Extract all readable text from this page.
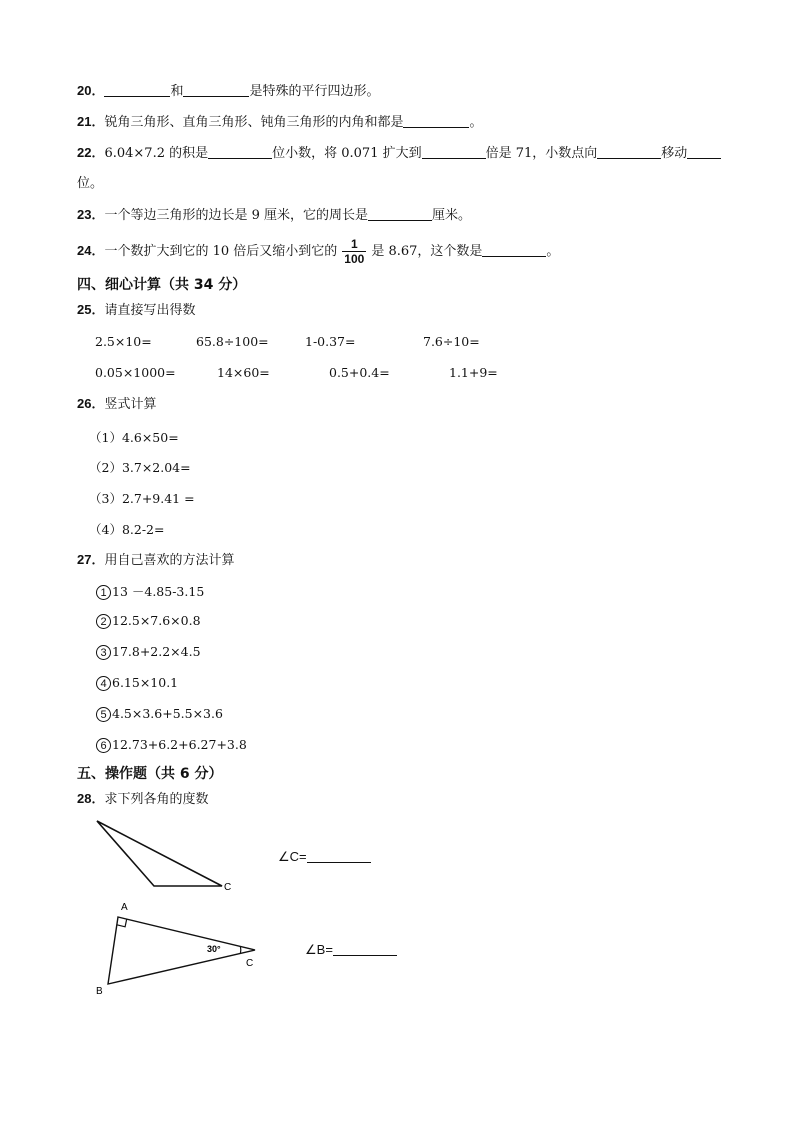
20．	和	是特殊的平行四边形。
21．锐角三角形、直角三角形、钝角三角形的内角和都是	。
22．6.04×7.2 的积是	位小数，将 0.071 扩大到	倍是 71，小数点向	移动
位。
23．一个等边三角形的边长是 9 厘米，它的周长是	厘米。
24．一个数扩大到它的 10 倍后又缩小到它的 $\frac{1}{100}$ 是 8.67，这个数是	。
四、细心计算（共 34 分）
25．请直接写出得数
2.5×10=	65.8÷100=	1-0.37=	7.6÷10=
0.05×1000=	14×60=	0.5+0.4=	1.1+9=
26．竖式计算
（1）4.6×50=
（2）3.7×2.04=
（3）2.7+9.41 =
（4）8.2-2=
27．用自己喜欢的方法计算
1 13 －4.85-3.15
2 12.5×7.6×0.8
3 17.8+2.2×4.5
4 6.15×10.1
5 4.5×3.6+5.5×3.6
6 12.73+6.2+6.27+3.8
五、操作题（共 6 分）
28．求下列各角的度数
C
∠C=
A
B
C
30°	∠B=
